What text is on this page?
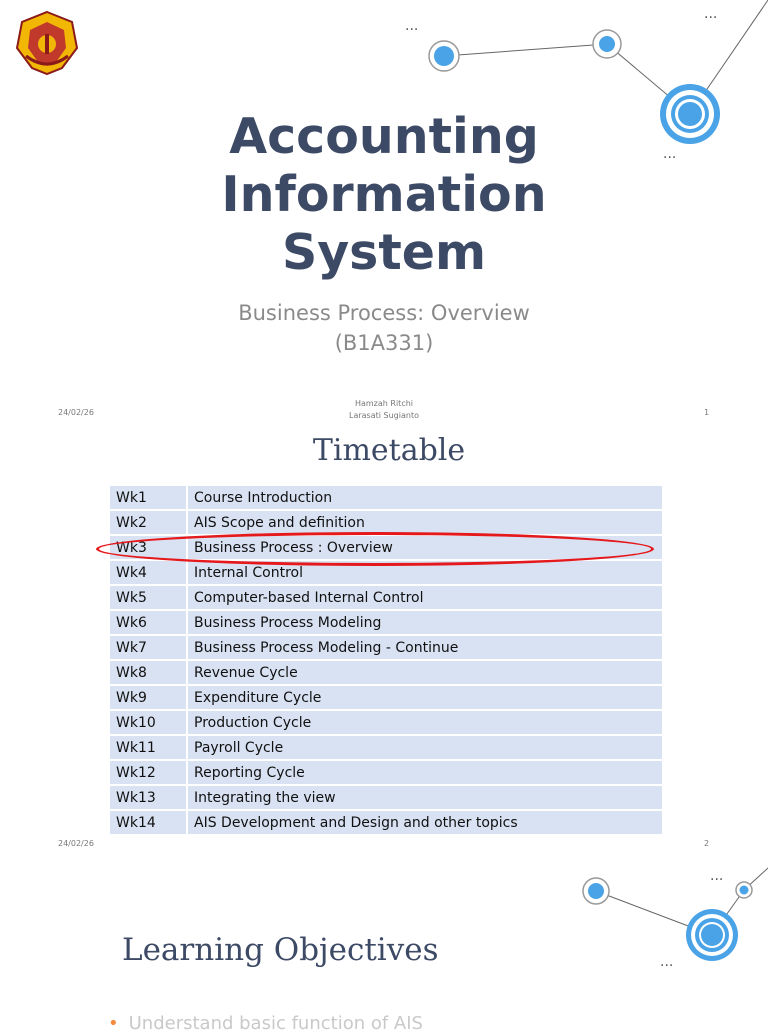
...
...
...
Accounting
Information
System
Business Process: Overview
(B1A331)
24/02/26
Hamzah Ritchi
Larasati Sugianto	1
Timetable
Wk1	Course Introduction
Wk2	AIS Scope and definition
Wk3	Business Process : Overview
Wk4	Internal Control
Wk5	Computer-based Internal Control
Wk6	Business Process Modeling
Wk7	Business Process Modeling - Continue
Wk8	Revenue Cycle
Wk9	Expenditure Cycle
Wk10	Production Cycle
Wk11	Payroll Cycle
Wk12	Reporting Cycle
Wk13	Integrating the view
Wk14	AIS Development and Design and other topics
24/02/26	2
...
...
Learning Objectives
• Understand basic function of AIS
